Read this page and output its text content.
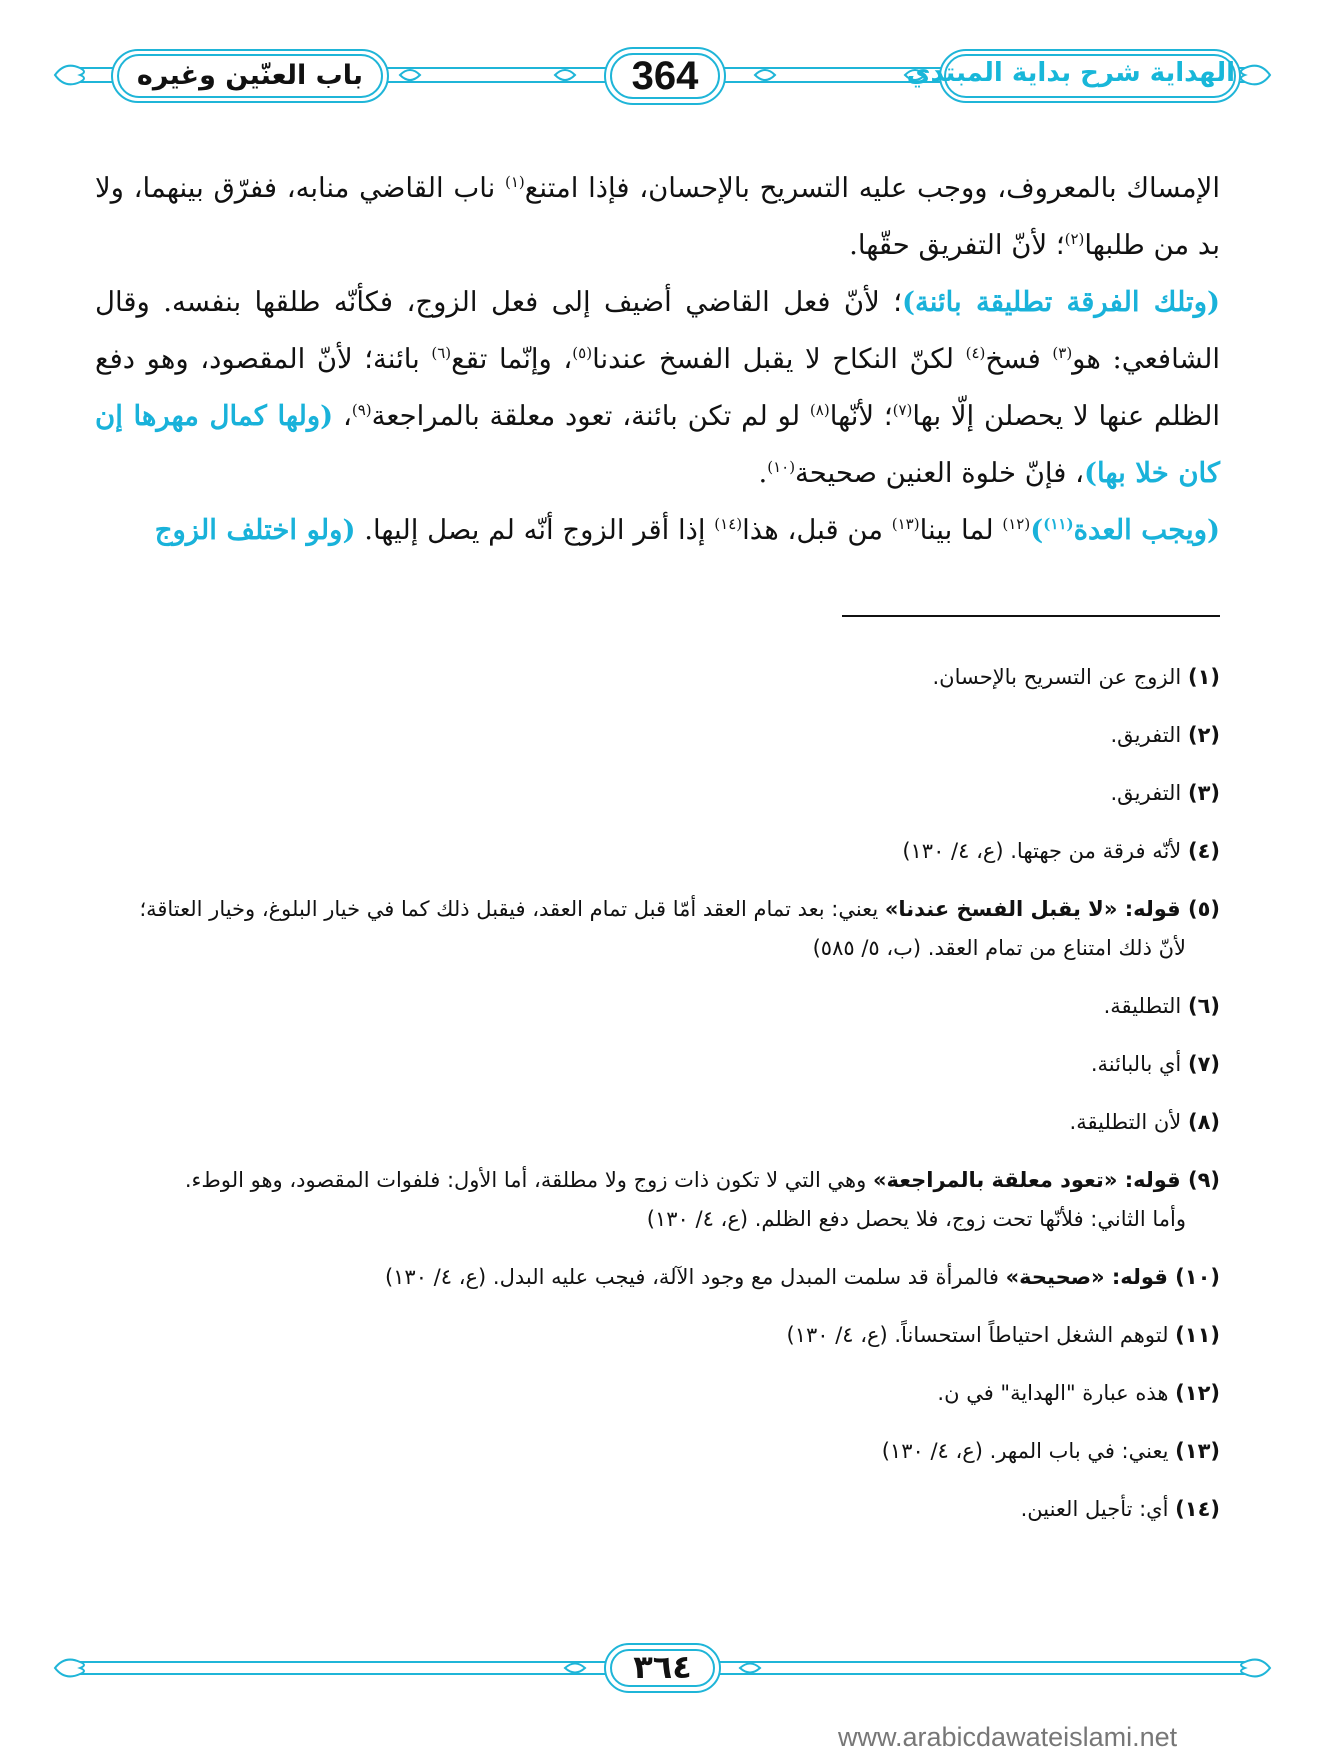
الهداية شرح بداية المبتدي
364
باب العنّين وغيره

الإمساك بالمعروف، ووجب عليه التسريح بالإحسان، فإذا امتنع$^{(١)}$ ناب القاضي منابه، ففرّق بينهما، ولا بد من طلبها$^{(٢)}$؛ لأنّ التفريق حقّها.

(وتلك الفرقة تطليقة بائنة)؛ لأنّ فعل القاضي أضيف إلى فعل الزوج، فكأنّه طلقها بنفسه. وقال الشافعي: هو$^{(٣)}$ فسخ$^{(٤)}$ لكنّ النكاح لا يقبل الفسخ عندنا$^{(٥)}$، وإنّما تقع$^{(٦)}$ بائنة؛ لأنّ المقصود، وهو دفع الظلم عنها لا يحصلن إلّا بها$^{(٧)}$؛ لأنّها$^{(٨)}$ لو لم تكن بائنة، تعود معلقة بالمراجعة$^{(٩)}$، (ولها كمال مهرها إن كان خلا بها)، فإنّ خلوة العنين صحيحة$^{(١٠)}$.

(ويجب العدة$^{(١١)}$)$^{(١٢)}$ لما بينا$^{(١٣)}$ من قبل، هذا$^{(١٤)}$ إذا أقر الزوج أنّه لم يصل إليها. (ولو اختلف الزوج

(١) الزوج عن التسريح بالإحسان.
(٢) التفريق.
(٣) التفريق.
(٤) لأنّه فرقة من جهتها. (ع، ٤/ ١٣٠)
(٥) قوله: «لا يقبل الفسخ عندنا» يعني: بعد تمام العقد أمّا قبل تمام العقد، فيقبل ذلك كما في خيار البلوغ، وخيار العتاقة؛
لأنّ ذلك امتناع من تمام العقد. (ب، ٥/ ٥٨٥)
(٦) التطليقة.
(٧) أي بالبائنة.
(٨) لأن التطليقة.
(٩) قوله: «تعود معلقة بالمراجعة» وهي التي لا تكون ذات زوج ولا مطلقة، أما الأول: فلفوات المقصود، وهو الوطء.
وأما الثاني: فلأنّها تحت زوج، فلا يحصل دفع الظلم. (ع، ٤/ ١٣٠)
(١٠) قوله: «صحيحة» فالمرأة قد سلمت المبدل مع وجود الآلة، فيجب عليه البدل. (ع، ٤/ ١٣٠)
(١١) لتوهم الشغل احتياطاً استحساناً. (ع، ٤/ ١٣٠)
(١٢) هذه عبارة "الهداية" في ن.
(١٣) يعني: في باب المهر. (ع، ٤/ ١٣٠)
(١٤) أي: تأجيل العنين.
٣٦٤
www.arabicdawateislami.net
